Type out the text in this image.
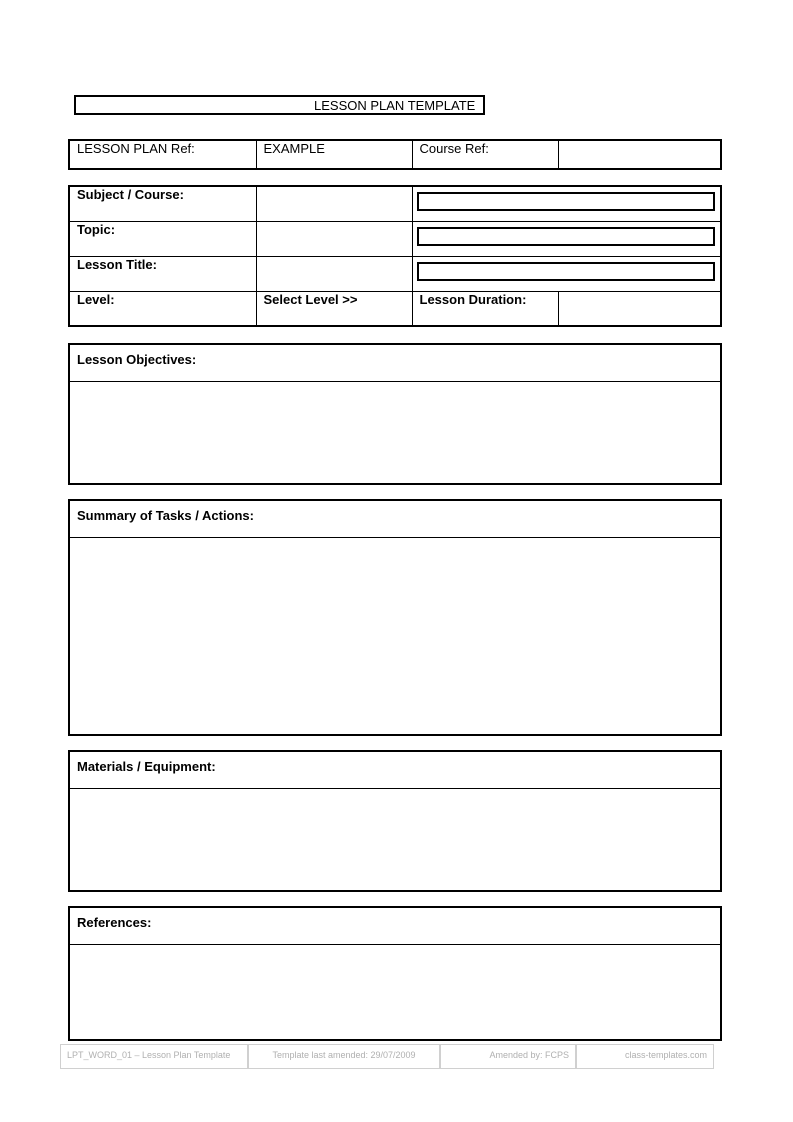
LESSON PLAN TEMPLATE
LESSON PLAN Ref:	EXAMPLE	Course Ref:	
Subject / Course:			

Topic:			

Lesson Title:			

Level:	Select Level >>	Lesson Duration:	
Lesson Objectives:
Summary of Tasks / Actions:
Materials / Equipment:
References:
LPT_WORD_01 – Lesson Plan Template	Template last amended: 29/07/2009	Amended by: FCPS	class-templates.com
